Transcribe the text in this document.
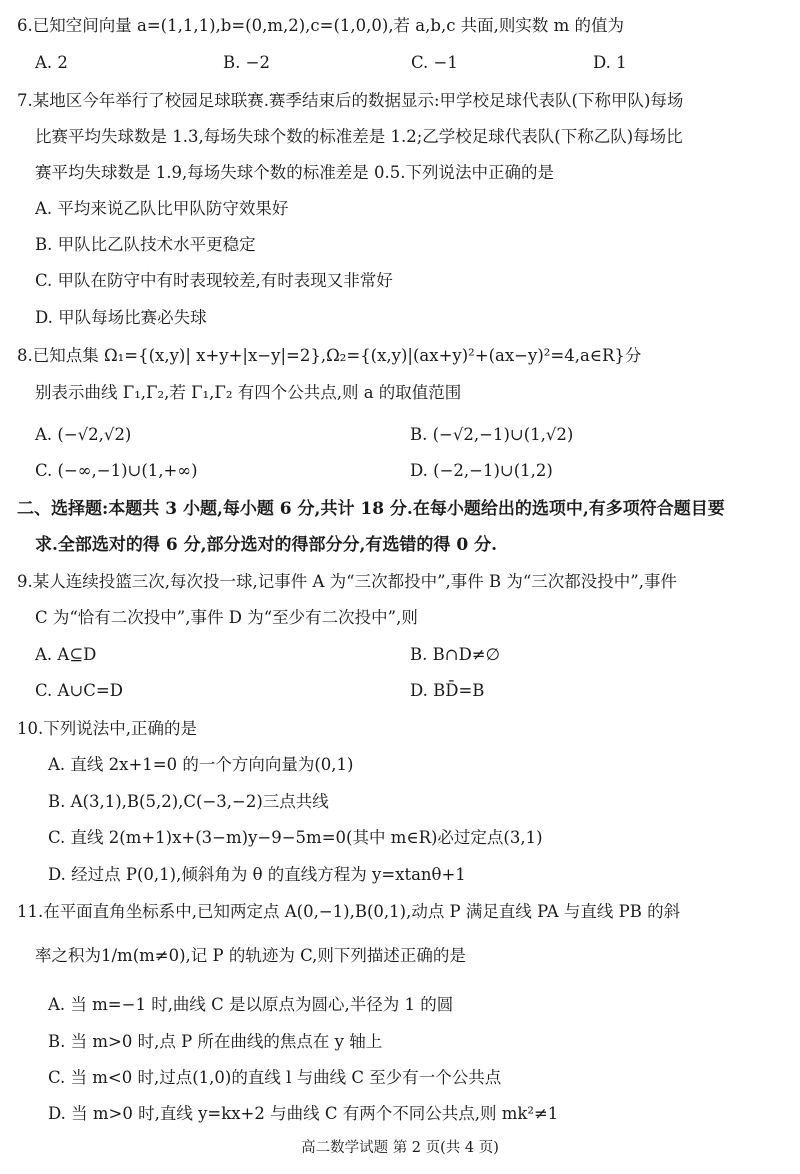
6.已知空间向量 a=(1,1,1),b=(0,m,2),c=(1,0,0),若 a,b,c 共面,则实数 m 的值为
A. 2	B. −2	C. −1	D. 1
7.某地区今年举行了校园足球联赛.赛季结束后的数据显示:甲学校足球代表队(下称甲队)每场
比赛平均失球数是 1.3,每场失球个数的标准差是 1.2;乙学校足球代表队(下称乙队)每场比
赛平均失球数是 1.9,每场失球个数的标准差是 0.5.下列说法中正确的是
A. 平均来说乙队比甲队防守效果好
B. 甲队比乙队技术水平更稳定
C. 甲队在防守中有时表现较差,有时表现又非常好
D. 甲队每场比赛必失球
8.已知点集 Ω₁={(x,y)| x+y+|x−y|=2},Ω₂={(x,y)|(ax+y)²+(ax−y)²=4,a∈R}分
别表示曲线 Γ₁,Γ₂,若 Γ₁,Γ₂ 有四个公共点,则 a 的取值范围
A. (−√2,√2)	B. (−√2,−1)∪(1,√2)
C. (−∞,−1)∪(1,+∞)	D. (−2,−1)∪(1,2)
二、选择题:本题共 3 小题,每小题 6 分,共计 18 分.在每小题给出的选项中,有多项符合题目要
求.全部选对的得 6 分,部分选对的得部分分,有选错的得 0 分.
9.某人连续投篮三次,每次投一球,记事件 A 为“三次都投中”,事件 B 为“三次都没投中”,事件
C 为“恰有二次投中”,事件 D 为“至少有二次投中”,则
A. A⊆D	B. B∩D≠∅
C. A∪C=D	D. BD̄=B
10.下列说法中,正确的是
A. 直线 2x+1=0 的一个方向向量为(0,1)
B. A(3,1),B(5,2),C(−3,−2)三点共线
C. 直线 2(m+1)x+(3−m)y−9−5m=0(其中 m∈R)必过定点(3,1)
D. 经过点 P(0,1),倾斜角为 θ 的直线方程为 y=xtanθ+1
11.在平面直角坐标系中,已知两定点 A(0,−1),B(0,1),动点 P 满足直线 PA 与直线 PB 的斜
率之积为1/m(m≠0),记 P 的轨迹为 C,则下列描述正确的是
A. 当 m=−1 时,曲线 C 是以原点为圆心,半径为 1 的圆
B. 当 m>0 时,点 P 所在曲线的焦点在 y 轴上
C. 当 m<0 时,过点(1,0)的直线 l 与曲线 C 至少有一个公共点
D. 当 m>0 时,直线 y=kx+2 与曲线 C 有两个不同公共点,则 mk²≠1
高二数学试题 第 2 页(共 4 页)
